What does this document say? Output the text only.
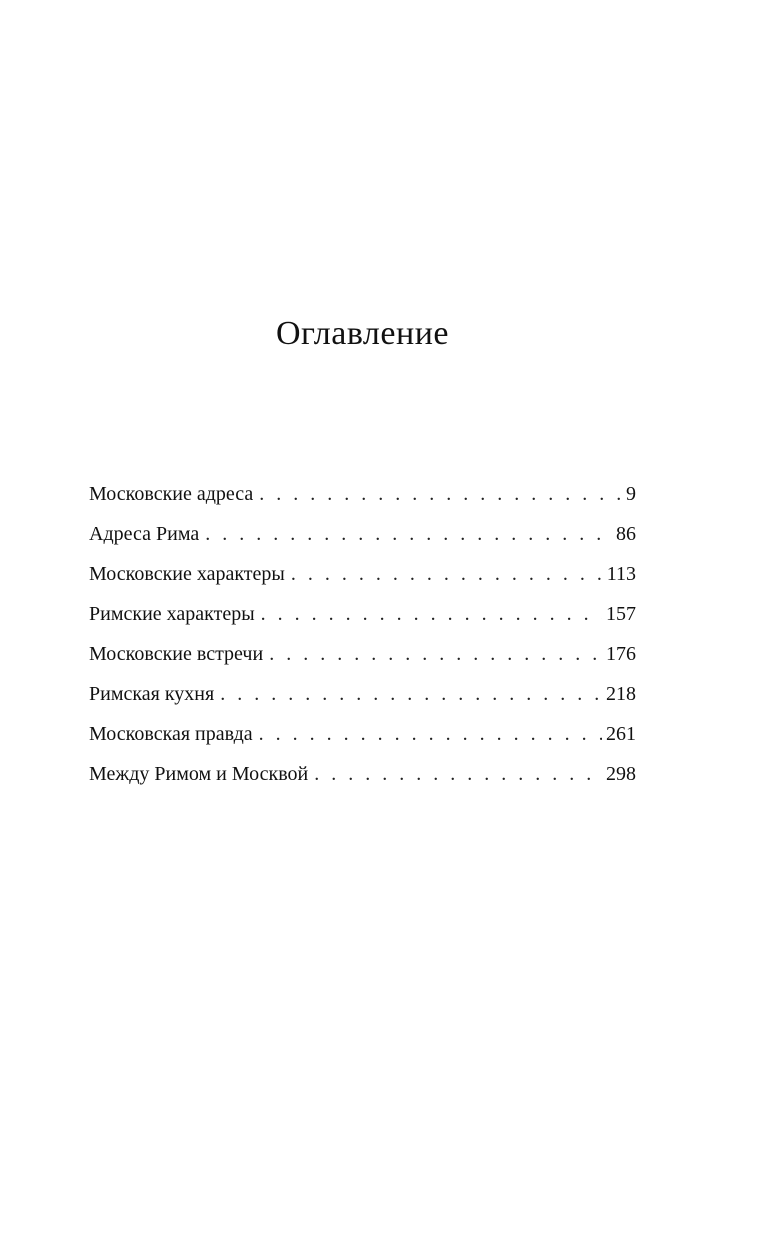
Оглавление
Московские адреса . . .	9
Адреса Рима . . .	86
Московские характеры . . .	113
Римские характеры . . .	157
Московские встречи . . .	176
Римская кухня . . .	218
Московская правда . . .	261
Между Римом и Москвой . . .	298
